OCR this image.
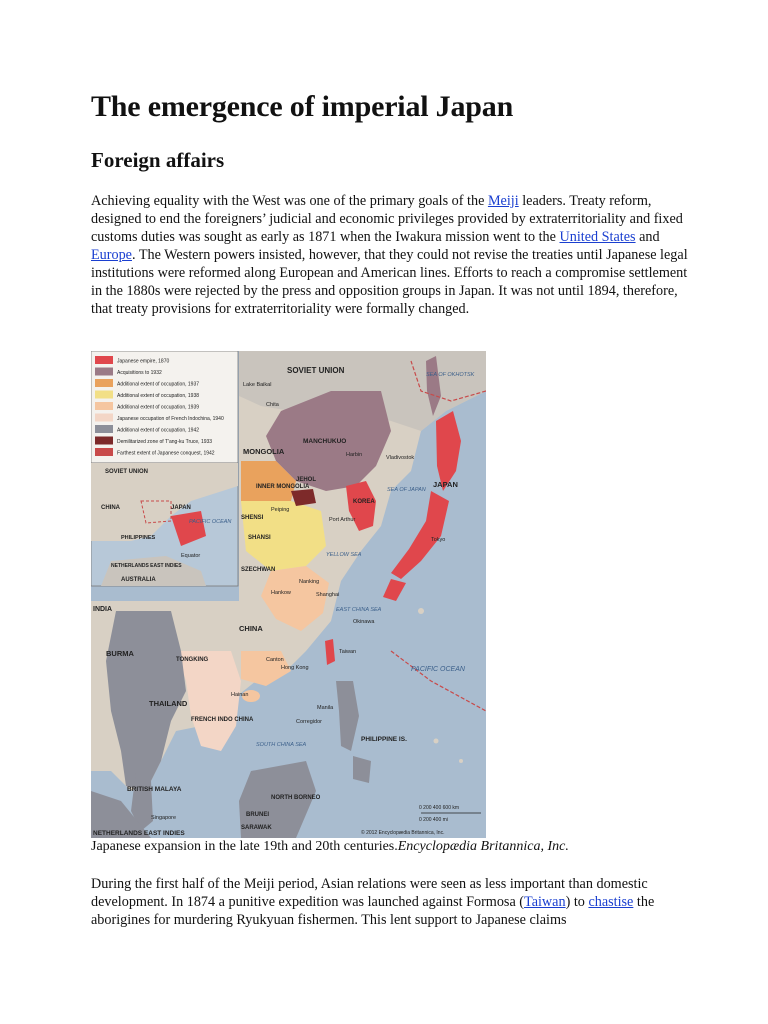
The emergence of imperial Japan
Foreign affairs

Achieving equality with the West was one of the primary goals of the Meiji leaders. Treaty reform, designed to end the foreigners’ judicial and economic privileges provided by extraterritoriality and fixed customs duties was sought as early as 1871 when the Iwakura mission went to the United States and Europe. The Western powers insisted, however, that they could not revise the treaties until Japanese legal institutions were reformed along European and American lines. Efforts to reach a compromise settlement in the 1880s were rejected by the press and opposition groups in Japan. It was not until 1894, therefore, that treaty provisions for extraterritoriality were formally changed.

Japanese empire, 1870
Acquisitions to 1932
Additional extent of occupation, 1937
Additional extent of occupation, 1938
Additional extent of occupation, 1939
Japanese occupation of French Indochina, 1940
Additional extent of occupation, 1942
Demilitarized zone of T'ang-ku Truce, 1933
Farthest extent of Japanese conquest, 1942
SOVIET UNION
CHINA	JAPAN
PACIFIC OCEAN
PHILIPPINES
Equator
NETHERLANDS EAST INDIES
AUSTRALIA
SOVIET UNION
MANCHUKUO
MONGOLIA
INNER MONGOLIA
JEHOL
KOREA
JAPAN
SHENSI
SHANSI
CHINA
SZECHWAN
INDIA
BURMA
TONGKING
THAILAND
FRENCH INDO CHINA
BRITISH MALAYA
NORTH BORNEO
BRUNEI
SARAWAK
PHILIPPINE IS.
PACIFIC OCEAN
NETHERLANDS EAST INDIES
SEA OF JAPAN
EAST CHINA SEA
SEA OF OKHOTSK
YELLOW SEA
SOUTH CHINA SEA
Lake Baikal
Chita
Vladivostok
Harbin
Port Arthur
Peiping
Tokyo
Nanking
Shanghai
Hankow
Canton
Hong Kong
Hainan
Taiwan
Manila
Okinawa
Corregidor
Singapore
0 200 400 600 km
0 200 400 mi
© 2012 Encyclopædia Britannica, Inc.

Japanese expansion in the late 19th and 20th centuries.Encyclopædia Britannica, Inc.

During the first half of the Meiji period, Asian relations were seen as less important than domestic development. In 1874 a punitive expedition was launched against Formosa (Taiwan) to chastise the aborigines for murdering Ryukyuan fishermen. This lent support to Japanese claims
